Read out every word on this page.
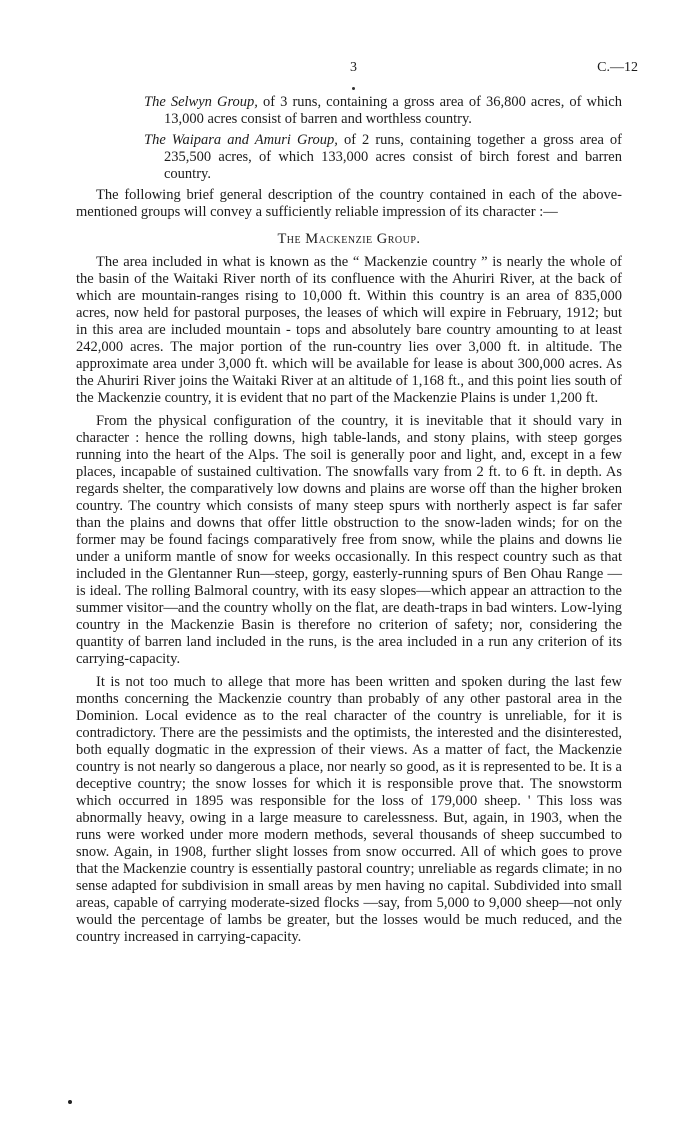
3	C.—12

The Selwyn Group, of 3 runs, containing a gross area of 36,800 acres, of which 13,000 acres consist of barren and worthless country.

The Waipara and Amuri Group, of 2 runs, containing together a gross area of 235,500 acres, of which 133,000 acres consist of birch forest and barren country.

The following brief general description of the country contained in each of the above-mentioned groups will convey a sufficiently reliable impression of its character :—

The Mackenzie Group.

The area included in what is known as the “ Mackenzie country ” is nearly the whole of the basin of the Waitaki River north of its confluence with the Ahuriri River, at the back of which are mountain-ranges rising to 10,000 ft. Within this country is an area of 835,000 acres, now held for pastoral purposes, the leases of which will expire in February, 1912; but in this area are included mountain - tops and absolutely bare country amounting to at least 242,000 acres. The major portion of the run-country lies over 3,000 ft. in altitude. The approximate area under 3,000 ft. which will be available for lease is about 300,000 acres. As the Ahuriri River joins the Waitaki River at an altitude of 1,168 ft., and this point lies south of the Mackenzie country, it is evident that no part of the Mackenzie Plains is under 1,200 ft.

From the physical configuration of the country, it is inevitable that it should vary in character : hence the rolling downs, high table-lands, and stony plains, with steep gorges running into the heart of the Alps. The soil is generally poor and light, and, except in a few places, incapable of sustained cultivation. The snowfalls vary from 2 ft. to 6 ft. in depth. As regards shelter, the comparatively low downs and plains are worse off than the higher broken country. The country which consists of many steep spurs with northerly aspect is far safer than the plains and downs that offer little obstruction to the snow-laden winds; for on the former may be found facings comparatively free from snow, while the plains and downs lie under a uniform mantle of snow for weeks occasionally. In this respect country such as that included in the Glentanner Run—steep, gorgy, easterly-running spurs of Ben Ohau Range —is ideal. The rolling Balmoral country, with its easy slopes—which appear an attraction to the summer visitor—and the country wholly on the flat, are death-traps in bad winters. Low-lying country in the Mackenzie Basin is therefore no criterion of safety; nor, considering the quantity of barren land included in the runs, is the area included in a run any criterion of its carrying-capacity.

It is not too much to allege that more has been written and spoken during the last few months concerning the Mackenzie country than probably of any other pastoral area in the Dominion. Local evidence as to the real character of the country is unreliable, for it is contradictory. There are the pessimists and the optimists, the interested and the disinterested, both equally dogmatic in the expression of their views. As a matter of fact, the Mackenzie country is not nearly so dangerous a place, nor nearly so good, as it is represented to be. It is a deceptive country; the snow losses for which it is responsible prove that. The snowstorm which occurred in 1895 was responsible for the loss of 179,000 sheep. ' This loss was abnormally heavy, owing in a large measure to carelessness. But, again, in 1903, when the runs were worked under more modern methods, several thousands of sheep succumbed to snow. Again, in 1908, further slight losses from snow occurred. All of which goes to prove that the Mackenzie country is essentially pastoral country; unreliable as regards climate; in no sense adapted for subdivision in small areas by men having no capital. Subdivided into small areas, capable of carrying moderate-sized flocks —say, from 5,000 to 9,000 sheep—not only would the percentage of lambs be greater, but the losses would be much reduced, and the country increased in carrying-capacity.
